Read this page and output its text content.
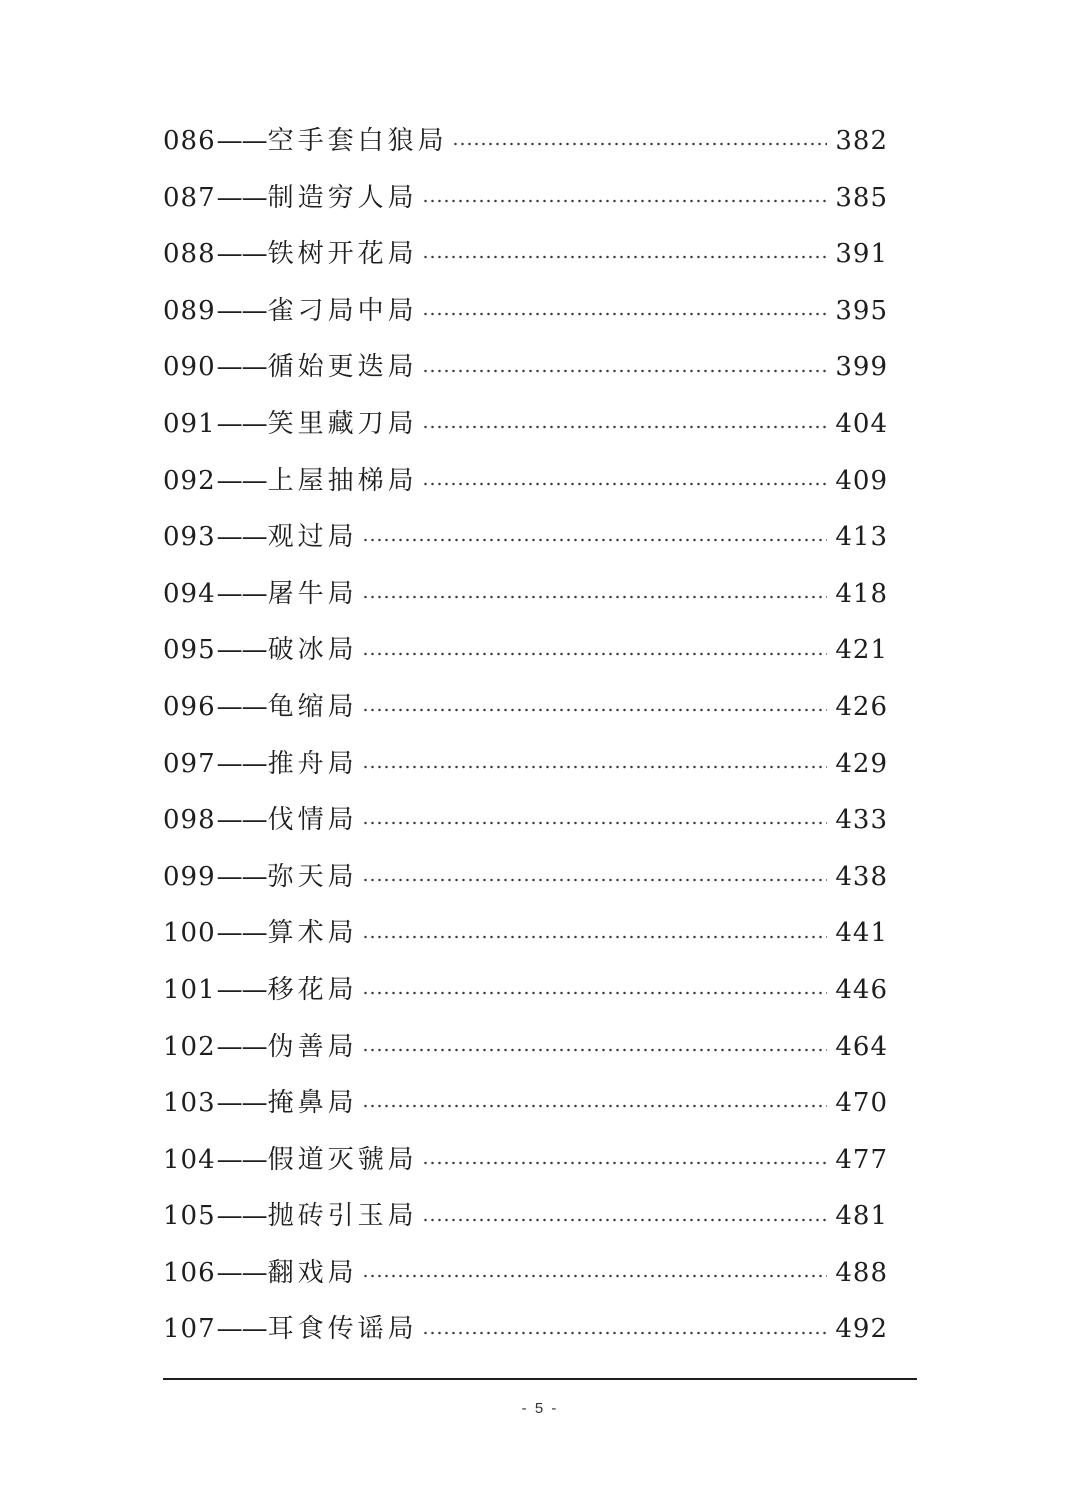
086 —— 空手套白狼局	382
087 —— 制造穷人局	385
088 —— 铁树开花局	391
089 —— 雀刁局中局	395
090 —— 循始更迭局	399
091 —— 笑里藏刀局	404
092 —— 上屋抽梯局	409
093 —— 观过局	413
094 —— 屠牛局	418
095 —— 破冰局	421
096 —— 龟缩局	426
097 —— 推舟局	429
098 —— 伐情局	433
099 —— 弥天局	438
100 —— 算术局	441
101 —— 移花局	446
102 —— 伪善局	464
103 —— 掩鼻局	470
104 —— 假道灭虢局	477
105 —— 抛砖引玉局	481
106 —— 翻戏局	488
107 —— 耳食传谣局	492
- 5 -
